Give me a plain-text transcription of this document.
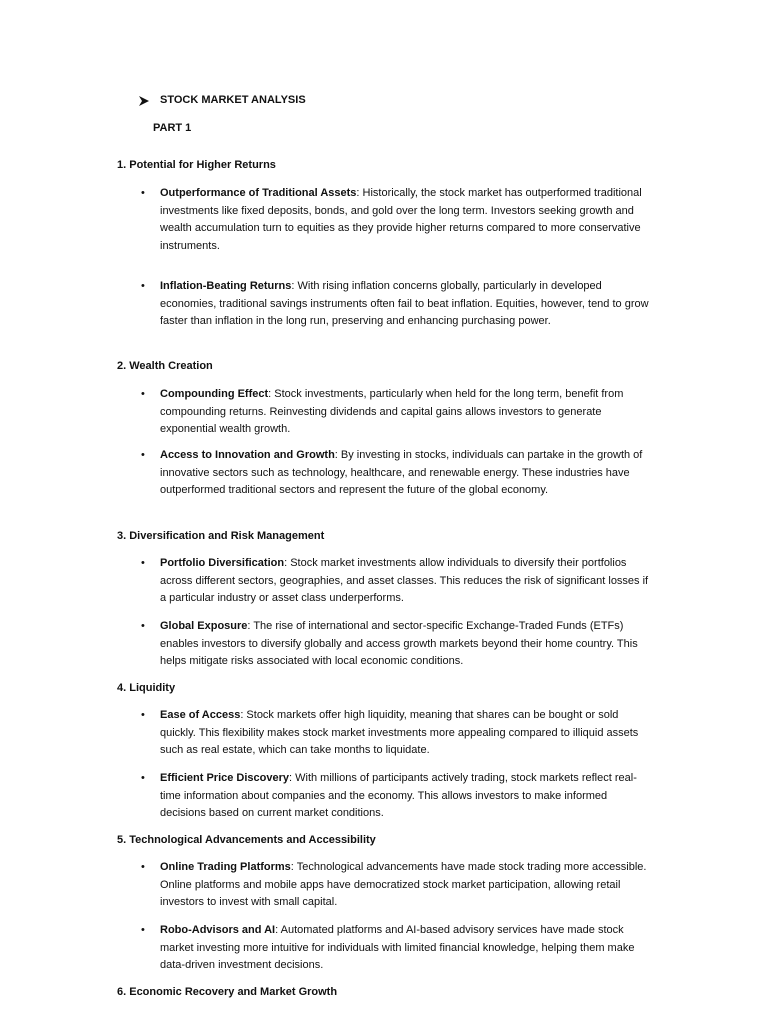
STOCK MARKET ANALYSIS
PART 1
1. Potential for Higher Returns
• Outperformance of Traditional Assets: Historically, the stock market has outperformed traditional investments like fixed deposits, bonds, and gold over the long term. Investors seeking growth and wealth accumulation turn to equities as they provide higher returns compared to more conservative instruments.
• Inflation-Beating Returns: With rising inflation concerns globally, particularly in developed economies, traditional savings instruments often fail to beat inflation. Equities, however, tend to grow faster than inflation in the long run, preserving and enhancing purchasing power.
2. Wealth Creation
• Compounding Effect: Stock investments, particularly when held for the long term, benefit from compounding returns. Reinvesting dividends and capital gains allows investors to generate exponential wealth growth.
• Access to Innovation and Growth: By investing in stocks, individuals can partake in the growth of innovative sectors such as technology, healthcare, and renewable energy. These industries have outperformed traditional sectors and represent the future of the global economy.
3. Diversification and Risk Management
• Portfolio Diversification: Stock market investments allow individuals to diversify their portfolios across different sectors, geographies, and asset classes. This reduces the risk of significant losses if a particular industry or asset class underperforms.
• Global Exposure: The rise of international and sector-specific Exchange-Traded Funds (ETFs) enables investors to diversify globally and access growth markets beyond their home country. This helps mitigate risks associated with local economic conditions.
4. Liquidity
• Ease of Access: Stock markets offer high liquidity, meaning that shares can be bought or sold quickly. This flexibility makes stock market investments more appealing compared to illiquid assets such as real estate, which can take months to liquidate.
• Efficient Price Discovery: With millions of participants actively trading, stock markets reflect real-time information about companies and the economy. This allows investors to make informed decisions based on current market conditions.
5. Technological Advancements and Accessibility
• Online Trading Platforms: Technological advancements have made stock trading more accessible. Online platforms and mobile apps have democratized stock market participation, allowing retail investors to invest with small capital.
• Robo-Advisors and AI: Automated platforms and AI-based advisory services have made stock market investing more intuitive for individuals with limited financial knowledge, helping them make data-driven investment decisions.
6. Economic Recovery and Market Growth
